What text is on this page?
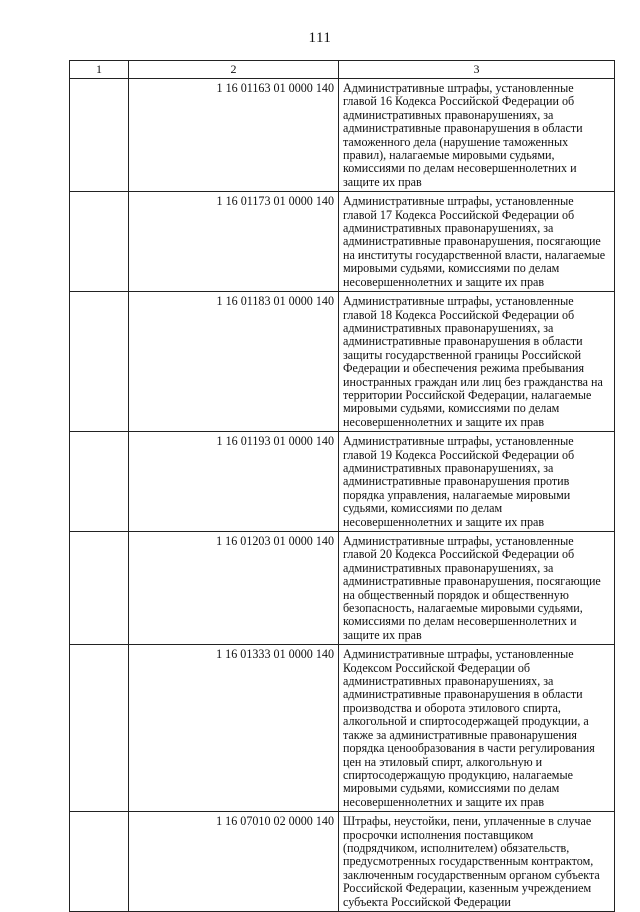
111
1	2	3
	1 16 01163 01 0000 140	Административные штрафы, установленные главой 16 Кодекса Российской Федерации об административных правонарушениях, за административные правонарушения в области таможенного дела (нарушение таможенных правил), налагаемые мировыми судьями, комиссиями по делам несовершеннолетних и защите их прав
	1 16 01173 01 0000 140	Административные штрафы, установленные главой 17 Кодекса Российской Федерации об административных правонарушениях, за административные правонарушения, посягающие на институты государственной власти, налагаемые мировыми судьями, комиссиями по делам несовершеннолетних и защите их прав
	1 16 01183 01 0000 140	Административные штрафы, установленные главой 18 Кодекса Российской Федерации об административных правонарушениях, за административные правонарушения в области защиты государственной границы Российской Федерации и обеспечения режима пребывания иностранных граждан или лиц без гражданства на территории Российской Федерации, налагаемые мировыми судьями, комиссиями по делам несовершеннолетних и защите их прав
	1 16 01193 01 0000 140	Административные штрафы, установленные главой 19 Кодекса Российской Федерации об административных правонарушениях, за административные правонарушения против порядка управления, налагаемые мировыми судьями, комиссиями по делам несовершеннолетних и защите их прав
	1 16 01203 01 0000 140	Административные штрафы, установленные главой 20 Кодекса Российской Федерации об административных правонарушениях, за административные правонарушения, посягающие на общественный порядок и общественную безопасность, налагаемые мировыми судьями, комиссиями по делам несовершеннолетних и защите их прав
	1 16 01333 01 0000 140	Административные штрафы, установленные Кодексом Российской Федерации об административных правонарушениях, за административные правонарушения в области производства и оборота этилового спирта, алкогольной и спиртосодержащей продукции, а также за административные правонарушения порядка ценообразования в части регулирования цен на этиловый спирт, алкогольную и спиртосодержащую продукцию, налагаемые мировыми судьями, комиссиями по делам несовершеннолетних и защите их прав
	1 16 07010 02 0000 140	Штрафы, неустойки, пени, уплаченные в случае просрочки исполнения поставщиком (подрядчиком, исполнителем) обязательств, предусмотренных государственным контрактом, заключенным государственным органом субъекта Российской Федерации, казенным учреждением субъекта Российской Федерации
